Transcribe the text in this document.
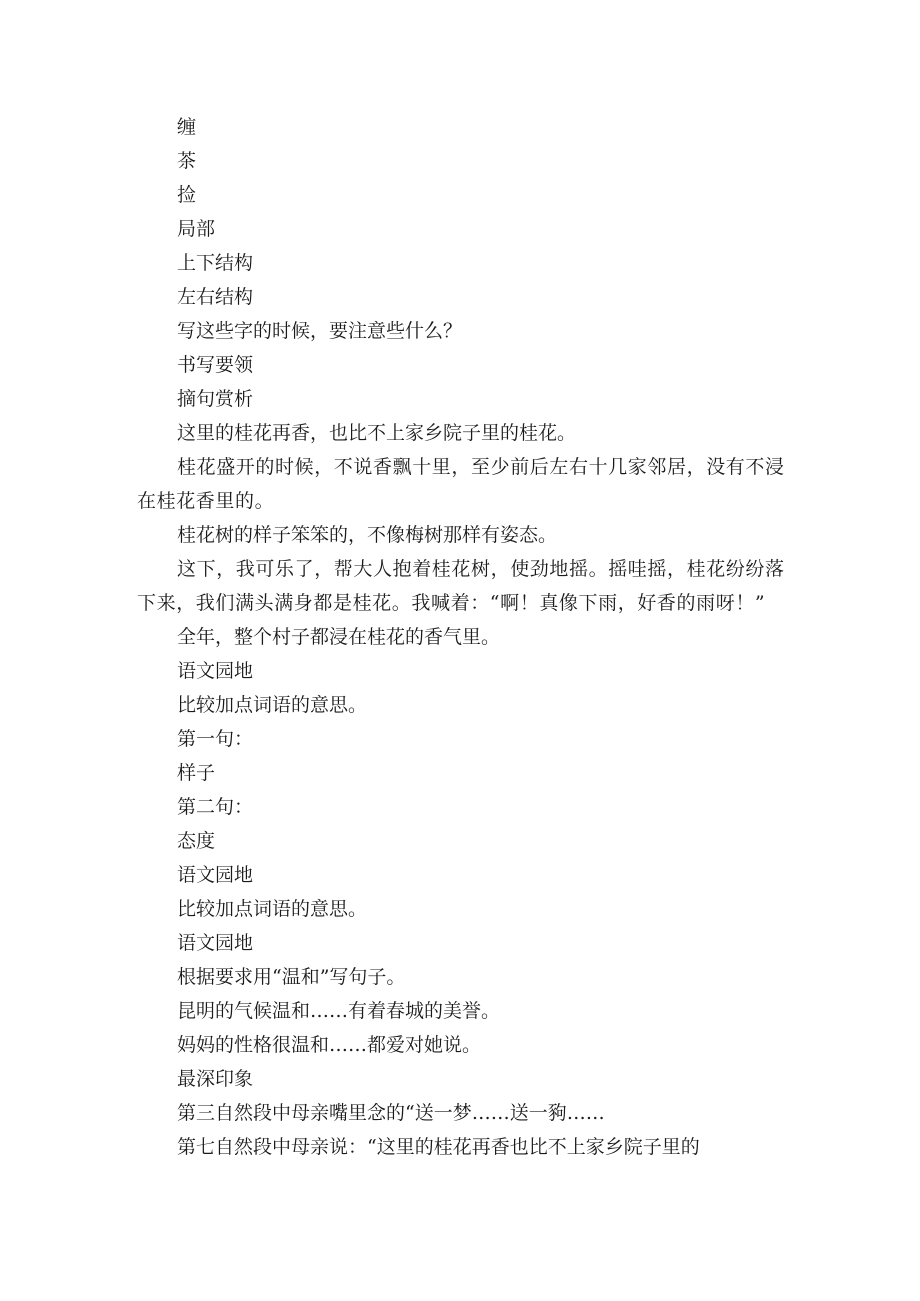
缠
茶
捡
局部
上下结构
左右结构
写这些字的时候，要注意些什么？
书写要领
摘句赏析
这里的桂花再香，也比不上家乡院子里的桂花。
桂花盛开的时候，不说香飘十里，至少前后左右十几家邻居，没有不浸在桂花香里的。
桂花树的样子笨笨的，不像梅树那样有姿态。
这下，我可乐了，帮大人抱着桂花树，使劲地摇。摇哇摇，桂花纷纷落下来，我们满头满身都是桂花。我喊着：“啊！真像下雨，好香的雨呀！”
全年，整个村子都浸在桂花的香气里。
语文园地
比较加点词语的意思。
第一句：
样子
第二句：
态度
语文园地
比较加点词语的意思。
语文园地
根据要求用“温和”写句子。
昆明的气候温和……有着春城的美誉。
妈妈的性格很温和……都爱对她说。
最深印象
第三自然段中母亲嘴里念的“送一梦……送一豞……
第七自然段中母亲说：“这里的桂花再香也比不上家乡院子里的
